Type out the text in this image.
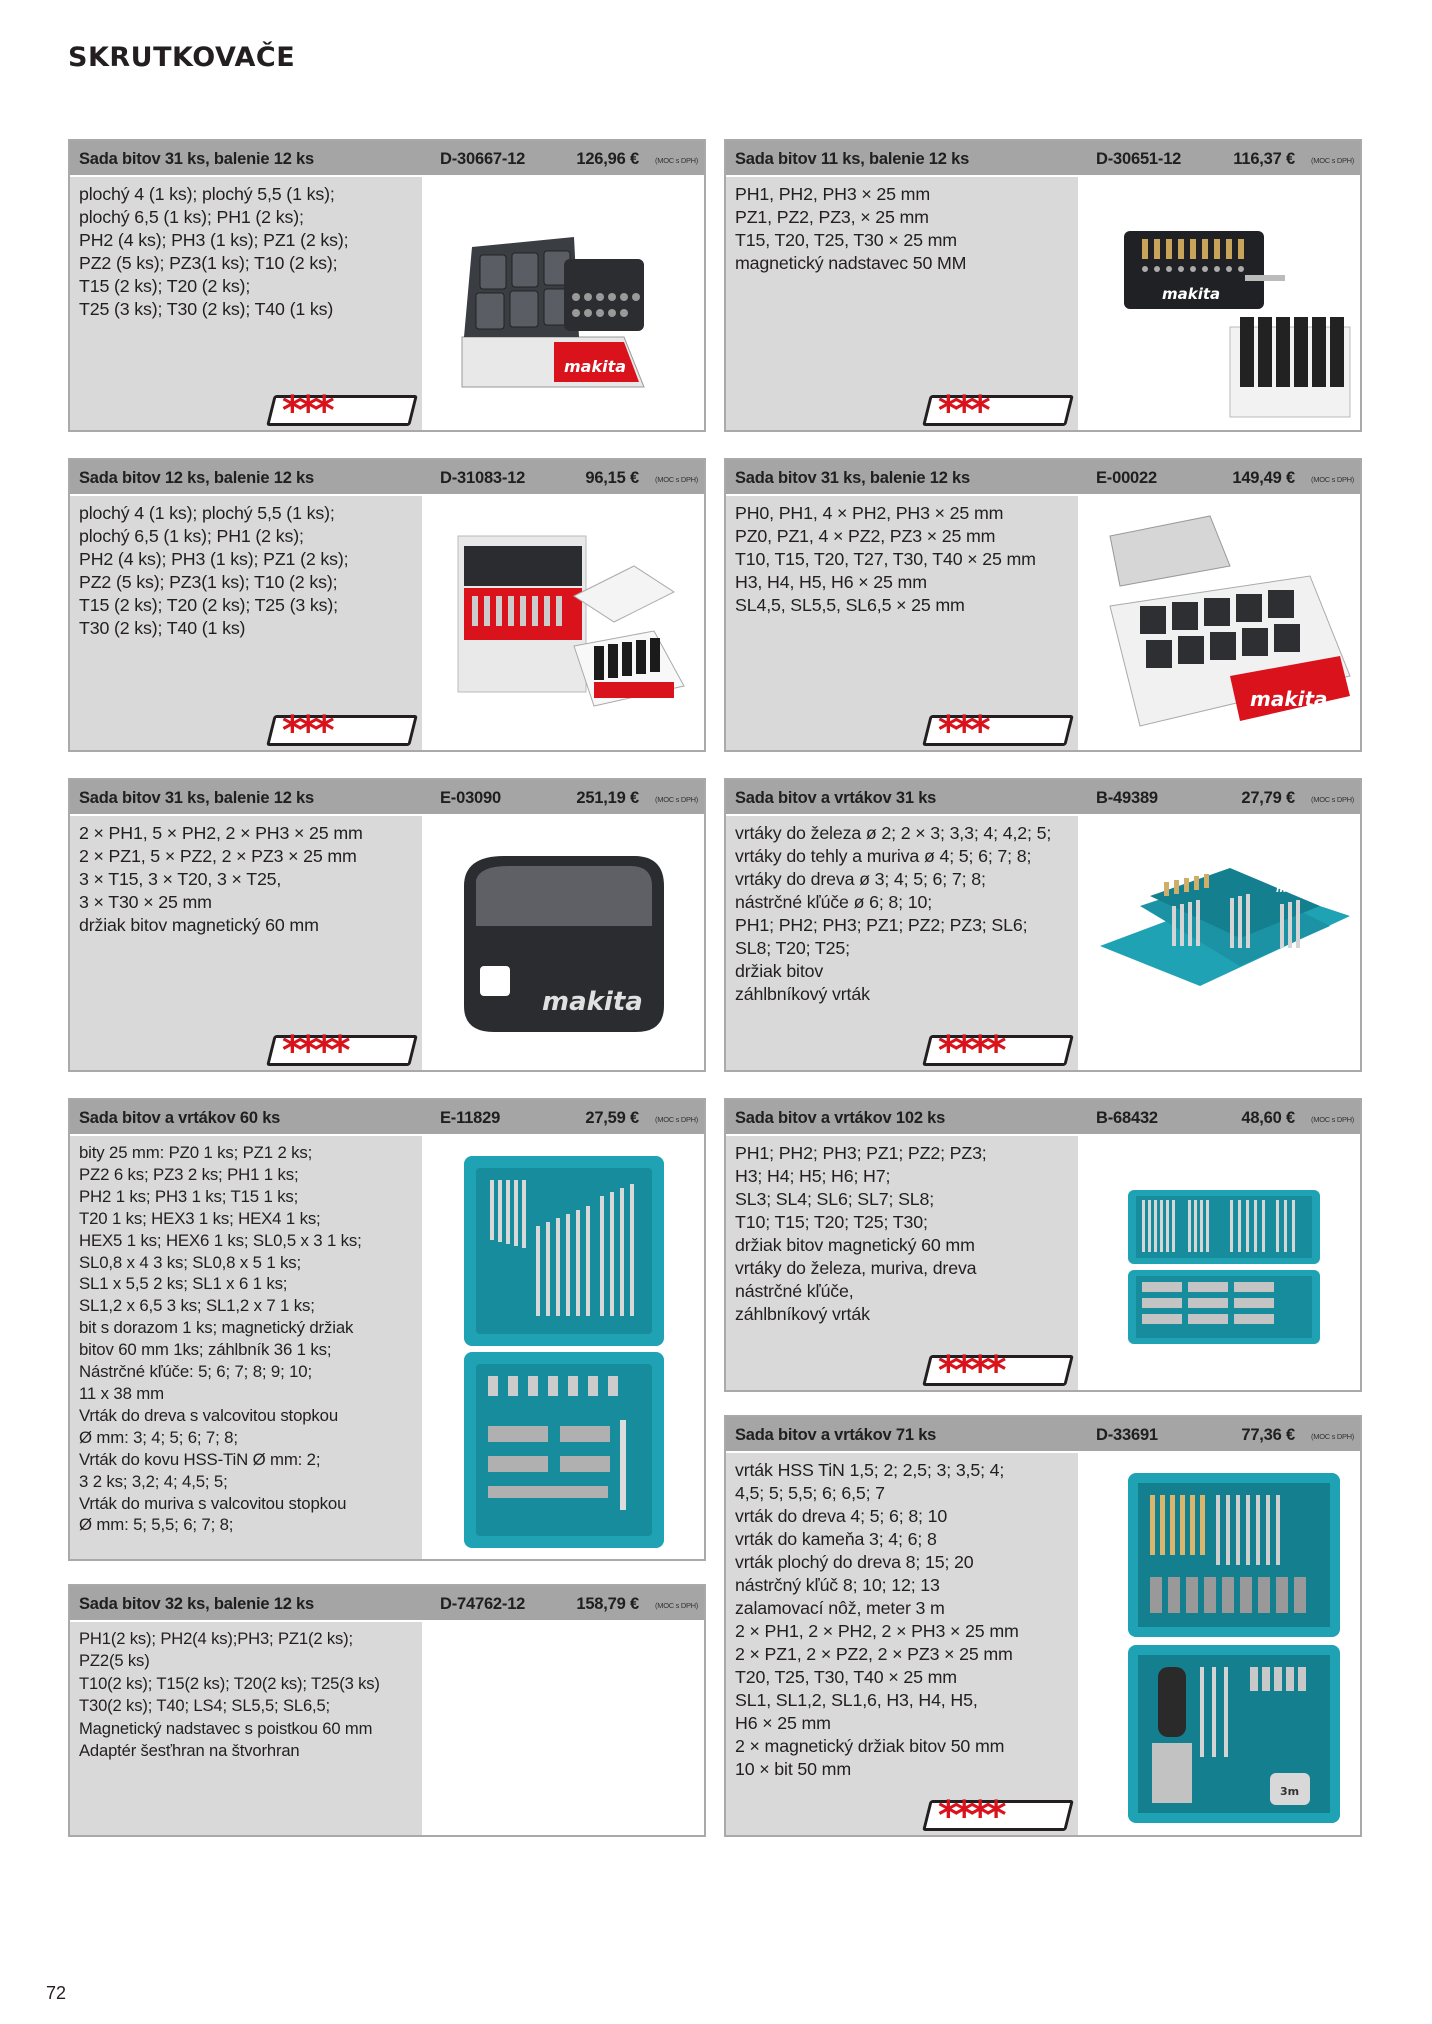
SKRUTKOVAČE
Sada bitov 31 ks, balenie 12 ks	D-30667-12	126,96 € (MOC s DPH)
plochý 4 (1 ks); plochý 5,5 (1 ks);
plochý 6,5 (1 ks); PH1 (2 ks);
PH2 (4 ks); PH3 (1 ks); PZ1 (2 ks);
PZ2 (5 ks); PZ3(1 ks); T10 (2 ks);
T15 (2 ks); T20 (2 ks);
T25 (3 ks); T30 (2 ks); T40 (1 ks)
makita
***
Sada bitov 11 ks, balenie 12 ks	D-30651-12	116,37 € (MOC s DPH)
PH1, PH2, PH3 × 25 mm
PZ1, PZ2, PZ3, × 25 mm
T15, T20, T25, T30 × 25 mm
magnetický nadstavec 50 MM
makita
***
Sada bitov 12 ks, balenie 12 ks	D-31083-12	96,15 € (MOC s DPH)
plochý 4 (1 ks); plochý 5,5 (1 ks);
plochý 6,5 (1 ks); PH1 (2 ks);
PH2 (4 ks); PH3 (1 ks); PZ1 (2 ks);
PZ2 (5 ks); PZ3(1 ks); T10 (2 ks);
T15 (2 ks); T20 (2 ks); T25 (3 ks);
T30 (2 ks); T40 (1 ks)
***
Sada bitov 31 ks, balenie 12 ks	E-00022	149,49 € (MOC s DPH)
PH0, PH1, 4 × PH2, PH3 × 25 mm
PZ0, PZ1, 4 × PZ2, PZ3 × 25 mm
T10, T15, T20, T27, T30, T40 × 25 mm
H3, H4, H5, H6 × 25 mm
SL4,5, SL5,5, SL6,5 × 25 mm
makita
***
Sada bitov 31 ks, balenie 12 ks	E-03090	251,19 € (MOC s DPH)
2 × PH1, 5 × PH2, 2 × PH3 × 25 mm
2 × PZ1, 5 × PZ2, 2 × PZ3 × 25 mm
3 × T15, 3 × T20, 3 × T25,
3 × T30 × 25 mm
držiak bitov magnetický 60 mm
makita
****
Sada bitov a vrtákov 31 ks	B-49389	27,79 € (MOC s DPH)
vrtáky do železa ø 2; 2 × 3; 3,3; 4; 4,2; 5;
vrtáky do tehly a muriva ø 4; 5; 6; 7; 8;
vrtáky do dreva ø 3; 4; 5; 6; 7; 8;
nástrčné kľúče ø 6; 8; 10;
PH1; PH2; PH3; PZ1; PZ2; PZ3; SL6;
SL8; T20; T25;
držiak bitov
záhlbníkový vrták
makita
****
Sada bitov a vrtákov 60 ks	E-11829	27,59 € (MOC s DPH)
bity 25 mm: PZ0 1 ks; PZ1 2 ks;
PZ2 6 ks; PZ3 2 ks; PH1 1 ks;
PH2 1 ks; PH3 1 ks; T15 1 ks;
T20 1 ks; HEX3 1 ks; HEX4 1 ks;
HEX5 1 ks; HEX6 1 ks; SL0,5 x 3 1 ks;
SL0,8 x 4 3 ks; SL0,8 x 5 1 ks;
SL1 x 5,5 2 ks; SL1 x 6 1 ks;
SL1,2 x 6,5 3 ks; SL1,2 x 7 1 ks;
bit s dorazom 1 ks; magnetický držiak
bitov 60 mm 1ks; záhlbník 36 1 ks;
Nástrčné kľúče: 5; 6; 7; 8; 9; 10;
11 x 38 mm
Vrták do dreva s valcovitou stopkou
Ø mm: 3; 4; 5; 6; 7; 8;
Vrták do kovu HSS-TiN Ø mm: 2;
3 2 ks; 3,2; 4; 4,5; 5;
Vrták do muriva s valcovitou stopkou
Ø mm: 5; 5,5; 6; 7; 8;
Sada bitov a vrtákov 102 ks	B-68432	48,60 € (MOC s DPH)
PH1; PH2; PH3; PZ1; PZ2; PZ3;
H3; H4; H5; H6; H7;
SL3; SL4; SL6; SL7; SL8;
T10; T15; T20; T25; T30;
držiak bitov magnetický 60 mm
vrtáky do železa, muriva, dreva
nástrčné kľúče,
záhlbníkový vrták
****
Sada bitov 32 ks, balenie 12 ks	D-74762-12	158,79 € (MOC s DPH)
PH1(2 ks); PH2(4 ks);PH3; PZ1(2 ks);
PZ2(5 ks)
T10(2 ks); T15(2 ks); T20(2 ks); T25(3 ks)
T30(2 ks); T40; LS4; SL5,5; SL6,5;
Magnetický nadstavec s poistkou 60 mm
Adaptér šesťhran na štvorhran
Sada bitov a vrtákov 71 ks	D-33691	77,36 € (MOC s DPH)
vrták HSS TiN 1,5; 2; 2,5; 3; 3,5; 4;
4,5; 5; 5,5; 6; 6,5; 7
vrták do dreva 4; 5; 6; 8; 10
vrták do kameňa 3; 4; 6; 8
vrták plochý do dreva 8; 15; 20
nástrčný kľúč 8; 10; 12; 13
zalamovací nôž, meter 3 m
2 × PH1, 2 × PH2, 2 × PH3 × 25 mm
2 × PZ1, 2 × PZ2, 2 × PZ3 × 25 mm
T20, T25, T30, T40 × 25 mm
SL1, SL1,2, SL1,6, H3, H4, H5,
H6 × 25 mm
2 × magnetický držiak bitov 50 mm
10 × bit 50 mm
3m
****
72
